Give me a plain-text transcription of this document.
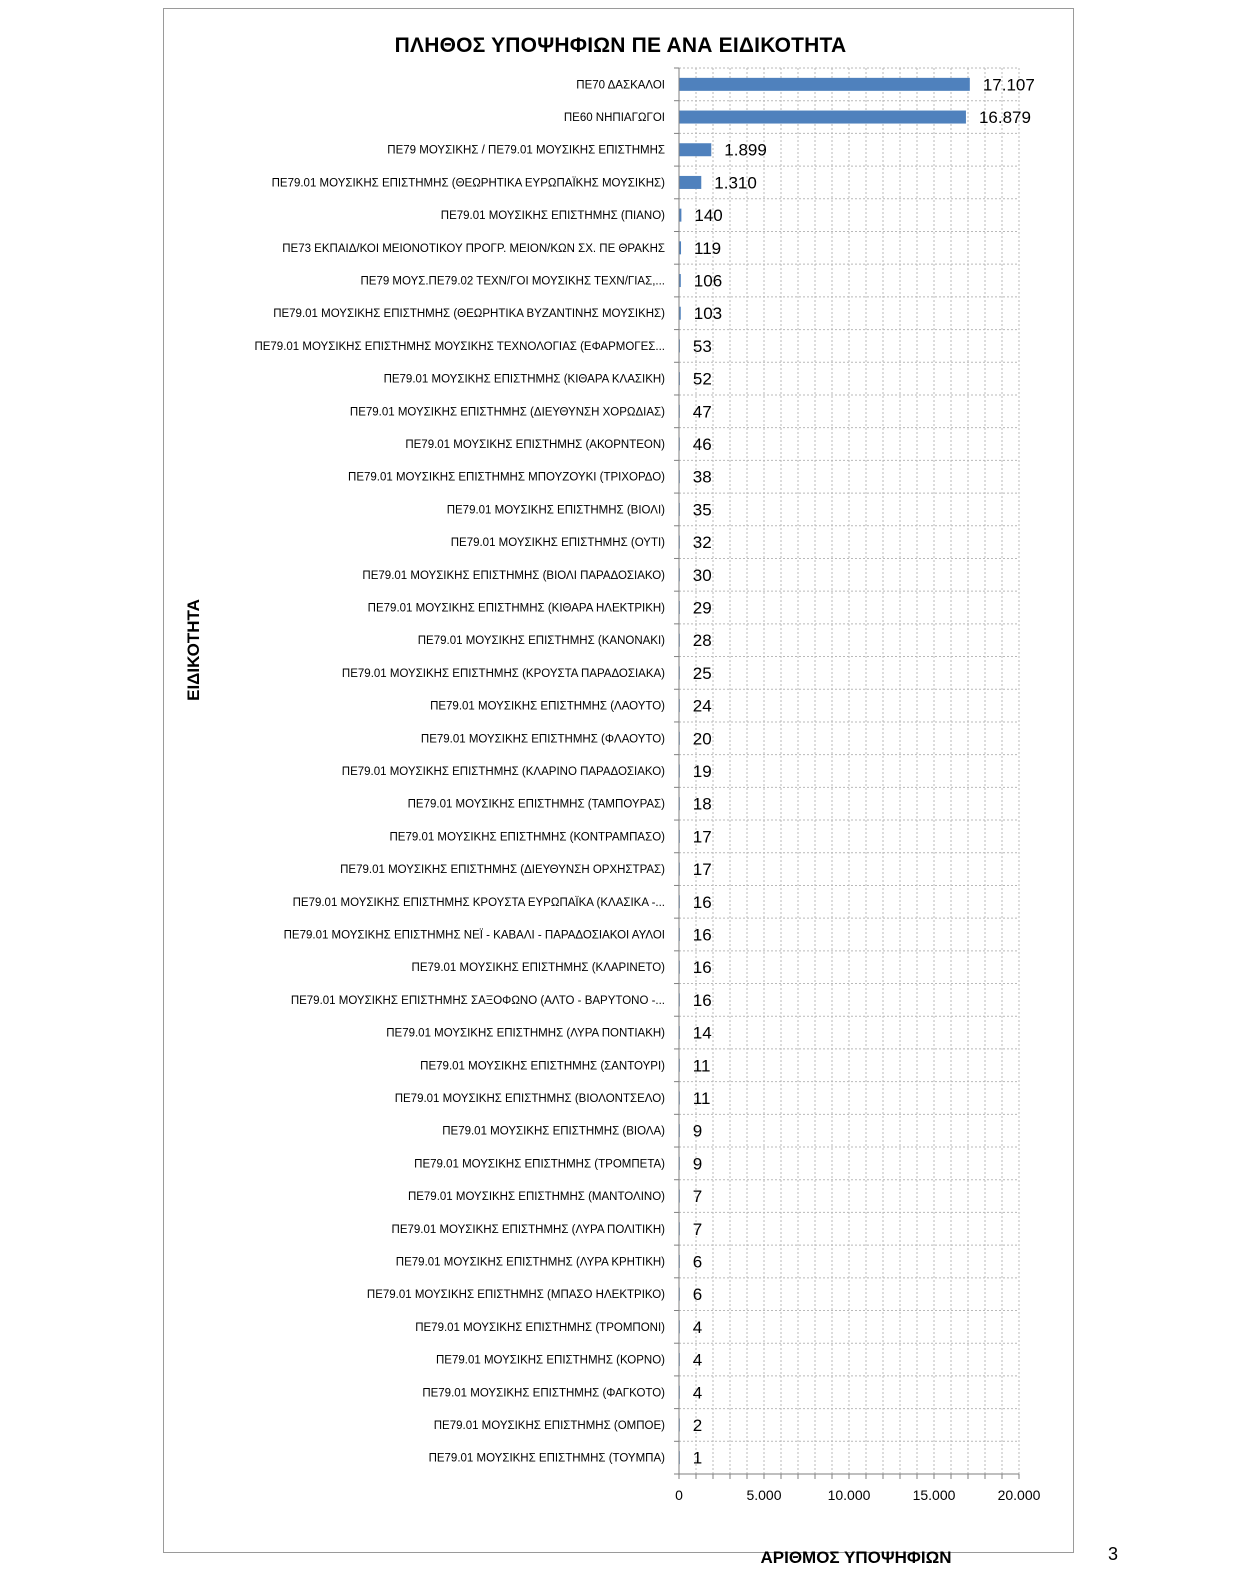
ΠΛΗΘΟΣ ΥΠΟΨΗΦΙΩΝ ΠΕ ΑΝΑ ΕΙΔΙΚΟΤΗΤΑ
ΠΕ70 ΔΑΣΚΑΛΟΙ
ΠΕ60 ΝΗΠΙΑΓΩΓΟΙ
ΠΕ79 ΜΟΥΣΙΚΗΣ / ΠΕ79.01 ΜΟΥΣΙΚΗΣ ΕΠΙΣΤΗΜΗΣ
ΠΕ79.01 ΜΟΥΣΙΚΗΣ ΕΠΙΣΤΗΜΗΣ (ΘΕΩΡΗΤΙΚΑ ΕΥΡΩΠΑΪΚΗΣ ΜΟΥΣΙΚΗΣ)
ΠΕ79.01 ΜΟΥΣΙΚΗΣ ΕΠΙΣΤΗΜΗΣ (ΠΙΑΝΟ)
ΠΕ73 ΕΚΠΑΙΔ/ΚΟΙ ΜΕΙΟΝΟΤΙΚΟΥ ΠΡΟΓΡ. ΜΕΙΟΝ/ΚΩΝ ΣΧ. ΠΕ ΘΡΑΚΗΣ
ΠΕ79 ΜΟΥΣ.ΠΕ79.02 ΤΕΧΝ/ΓΟΙ ΜΟΥΣΙΚΗΣ ΤΕΧΝ/ΓΙΑΣ,...
ΠΕ79.01 ΜΟΥΣΙΚΗΣ ΕΠΙΣΤΗΜΗΣ (ΘΕΩΡΗΤΙΚΑ ΒΥΖΑΝΤΙΝΗΣ ΜΟΥΣΙΚΗΣ)
ΠΕ79.01 ΜΟΥΣΙΚΗΣ ΕΠΙΣΤΗΜΗΣ ΜΟΥΣΙΚΗΣ ΤΕΧΝΟΛΟΓΙΑΣ (ΕΦΑΡΜΟΓΕΣ...
ΠΕ79.01 ΜΟΥΣΙΚΗΣ ΕΠΙΣΤΗΜΗΣ (ΚΙΘΑΡΑ ΚΛΑΣΙΚΗ)
ΠΕ79.01 ΜΟΥΣΙΚΗΣ ΕΠΙΣΤΗΜΗΣ (ΔΙΕΥΘΥΝΣΗ ΧΟΡΩΔΙΑΣ)
ΠΕ79.01 ΜΟΥΣΙΚΗΣ ΕΠΙΣΤΗΜΗΣ (ΑΚΟΡΝΤΕΟΝ)
ΠΕ79.01 ΜΟΥΣΙΚΗΣ ΕΠΙΣΤΗΜΗΣ ΜΠΟΥΖΟΥΚΙ (ΤΡΙΧΟΡΔΟ)
ΠΕ79.01 ΜΟΥΣΙΚΗΣ ΕΠΙΣΤΗΜΗΣ (ΒΙΟΛΙ)
ΠΕ79.01 ΜΟΥΣΙΚΗΣ ΕΠΙΣΤΗΜΗΣ (ΟΥΤΙ)
ΠΕ79.01 ΜΟΥΣΙΚΗΣ ΕΠΙΣΤΗΜΗΣ (ΒΙΟΛΙ ΠΑΡΑΔΟΣΙΑΚΟ)
ΠΕ79.01 ΜΟΥΣΙΚΗΣ ΕΠΙΣΤΗΜΗΣ (ΚΙΘΑΡΑ ΗΛΕΚΤΡΙΚΗ)
ΠΕ79.01 ΜΟΥΣΙΚΗΣ ΕΠΙΣΤΗΜΗΣ (ΚΑΝΟΝΑΚΙ)
ΠΕ79.01 ΜΟΥΣΙΚΗΣ ΕΠΙΣΤΗΜΗΣ (ΚΡΟΥΣΤΑ ΠΑΡΑΔΟΣΙΑΚΑ)
ΠΕ79.01 ΜΟΥΣΙΚΗΣ ΕΠΙΣΤΗΜΗΣ (ΛΑΟΥΤΟ)
ΠΕ79.01 ΜΟΥΣΙΚΗΣ ΕΠΙΣΤΗΜΗΣ (ΦΛΑΟΥΤΟ)
ΠΕ79.01 ΜΟΥΣΙΚΗΣ ΕΠΙΣΤΗΜΗΣ (ΚΛΑΡΙΝΟ ΠΑΡΑΔΟΣΙΑΚΟ)
ΠΕ79.01 ΜΟΥΣΙΚΗΣ ΕΠΙΣΤΗΜΗΣ (ΤΑΜΠΟΥΡΑΣ)
ΠΕ79.01 ΜΟΥΣΙΚΗΣ ΕΠΙΣΤΗΜΗΣ (ΚΟΝΤΡΑΜΠΑΣΟ)
ΠΕ79.01 ΜΟΥΣΙΚΗΣ ΕΠΙΣΤΗΜΗΣ (ΔΙΕΥΘΥΝΣΗ ΟΡΧΗΣΤΡΑΣ)
ΠΕ79.01 ΜΟΥΣΙΚΗΣ ΕΠΙΣΤΗΜΗΣ ΚΡΟΥΣΤΑ ΕΥΡΩΠΑΪΚΑ (ΚΛΑΣΙΚΑ -...
ΠΕ79.01 ΜΟΥΣΙΚΗΣ ΕΠΙΣΤΗΜΗΣ ΝΕΪ - ΚΑΒΑΛΙ - ΠΑΡΑΔΟΣΙΑΚΟΙ ΑΥΛΟΙ
ΠΕ79.01 ΜΟΥΣΙΚΗΣ ΕΠΙΣΤΗΜΗΣ (ΚΛΑΡΙΝΕΤΟ)
ΠΕ79.01 ΜΟΥΣΙΚΗΣ ΕΠΙΣΤΗΜΗΣ ΣΑΞΟΦΩΝΟ (ΑΛΤΟ - ΒΑΡΥΤΟΝΟ -...
ΠΕ79.01 ΜΟΥΣΙΚΗΣ ΕΠΙΣΤΗΜΗΣ (ΛΥΡΑ ΠΟΝΤΙΑΚΗ)
ΠΕ79.01 ΜΟΥΣΙΚΗΣ ΕΠΙΣΤΗΜΗΣ (ΣΑΝΤΟΥΡΙ)
ΠΕ79.01 ΜΟΥΣΙΚΗΣ ΕΠΙΣΤΗΜΗΣ (ΒΙΟΛΟΝΤΣΕΛΟ)
ΠΕ79.01 ΜΟΥΣΙΚΗΣ ΕΠΙΣΤΗΜΗΣ (ΒΙΟΛΑ)
ΠΕ79.01 ΜΟΥΣΙΚΗΣ ΕΠΙΣΤΗΜΗΣ (ΤΡΟΜΠΕΤΑ)
ΠΕ79.01 ΜΟΥΣΙΚΗΣ ΕΠΙΣΤΗΜΗΣ (ΜΑΝΤΟΛΙΝΟ)
ΠΕ79.01 ΜΟΥΣΙΚΗΣ ΕΠΙΣΤΗΜΗΣ (ΛΥΡΑ ΠΟΛΙΤΙΚΗ)
ΠΕ79.01 ΜΟΥΣΙΚΗΣ ΕΠΙΣΤΗΜΗΣ (ΛΥΡΑ ΚΡΗΤΙΚΗ)
ΠΕ79.01 ΜΟΥΣΙΚΗΣ ΕΠΙΣΤΗΜΗΣ (ΜΠΑΣΟ ΗΛΕΚΤΡΙΚΟ)
ΠΕ79.01 ΜΟΥΣΙΚΗΣ ΕΠΙΣΤΗΜΗΣ (ΤΡΟΜΠΟΝΙ)
ΠΕ79.01 ΜΟΥΣΙΚΗΣ ΕΠΙΣΤΗΜΗΣ (ΚΟΡΝΟ)
ΠΕ79.01 ΜΟΥΣΙΚΗΣ ΕΠΙΣΤΗΜΗΣ (ΦΑΓΚΟΤΟ)
ΠΕ79.01 ΜΟΥΣΙΚΗΣ ΕΠΙΣΤΗΜΗΣ (ΟΜΠΟΕ)
ΠΕ79.01 ΜΟΥΣΙΚΗΣ ΕΠΙΣΤΗΜΗΣ (ΤΟΥΜΠΑ)
17.107
16.879
1.899
1.310
140
119
106
103
53
52
47
46
38
35
32
30
29
28
25
24
20
19
18
17
17
16
16
16
16
14
11
11
9
9
7
7
6
6
4
4
4
2
1
0	5.000	10.000	15.000	20.000
ΑΡΙΘΜΟΣ ΥΠΟΨΗΦΙΩΝ
ΕΙΔΙΚΟΤΗΤΑ
3
